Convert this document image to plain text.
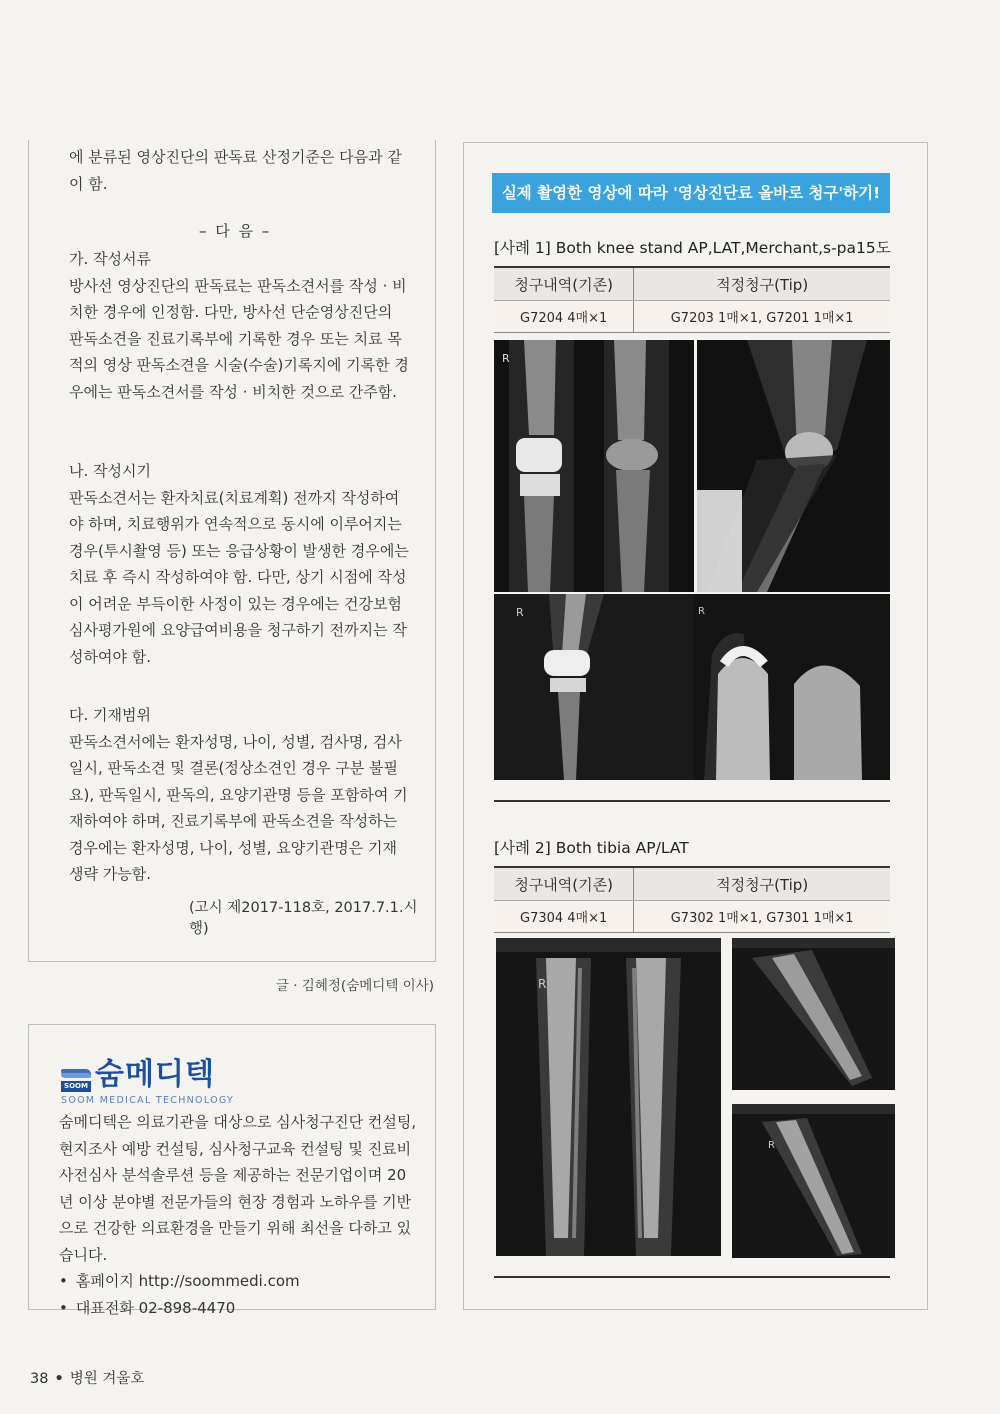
에 분류된 영상진단의 판독료 산정기준은 다음과 같이 함.
– 다 음 –

가. 작성서류

방사선 영상진단의 판독료는 판독소견서를 작성 · 비치한 경우에 인정함. 다만, 방사선 단순영상진단의 판독소견을 진료기록부에 기록한 경우 또는 치료 목적의 영상 판독소견을 시술(수술)기록지에 기록한 경우에는 판독소견서를 작성 · 비치한 것으로 간주함.

나. 작성시기

판독소견서는 환자치료(치료계획) 전까지 작성하여야 하며, 치료행위가 연속적으로 동시에 이루어지는 경우(투시촬영 등) 또는 응급상황이 발생한 경우에는 치료 후 즉시 작성하여야 함. 다만, 상기 시점에 작성이 어려운 부득이한 사정이 있는 경우에는 건강보험심사평가원에 요양급여비용을 청구하기 전까지는 작성하여야 함.

다. 기재범위

판독소견서에는 환자성명, 나이, 성별, 검사명, 검사일시, 판독소견 및 결론(정상소견인 경우 구분 불필요), 판독일시, 판독의, 요양기관명 등을 포함하여 기재하여야 하며, 진료기록부에 판독소견을 작성하는 경우에는 환자성명, 나이, 성별, 요양기관명은 기재 생략 가능함.

(고시 제2017-118호, 2017.7.1.시행)
글 · 김혜정(숨메디텍 이사)
SOOM 숨메디텍
SOOM MEDICAL TECHNOLOGY

숨메디텍은 의료기관을 대상으로 심사청구진단 컨설팅, 현지조사 예방 컨설팅, 심사청구교육 컨설팅 및 진료비 사전심사 분석솔루션 등을 제공하는 전문기업이며 20년 이상 분야별 전문가들의 현장 경험과 노하우를 기반으로 건강한 의료환경을 만들기 위해 최선을 다하고 있습니다.

• 홈페이지 http://soommedi.com
• 대표전화 02-898-4470
실제 촬영한 영상에 따라 '영상진단료 올바로 청구'하기!
[사례 1] Both knee stand AP,LAT,Merchant,s-pa15도
청구내역(기존)	적정청구(Tip)
G7204 4매×1	G7203 1매×1, G7201 1매×1
R
R	R
[사례 2] Both tibia AP/LAT
청구내역(기존)	적정청구(Tip)
G7304 4매×1	G7302 1매×1, G7301 1매×1
R
R
38 • 병원 겨울호
